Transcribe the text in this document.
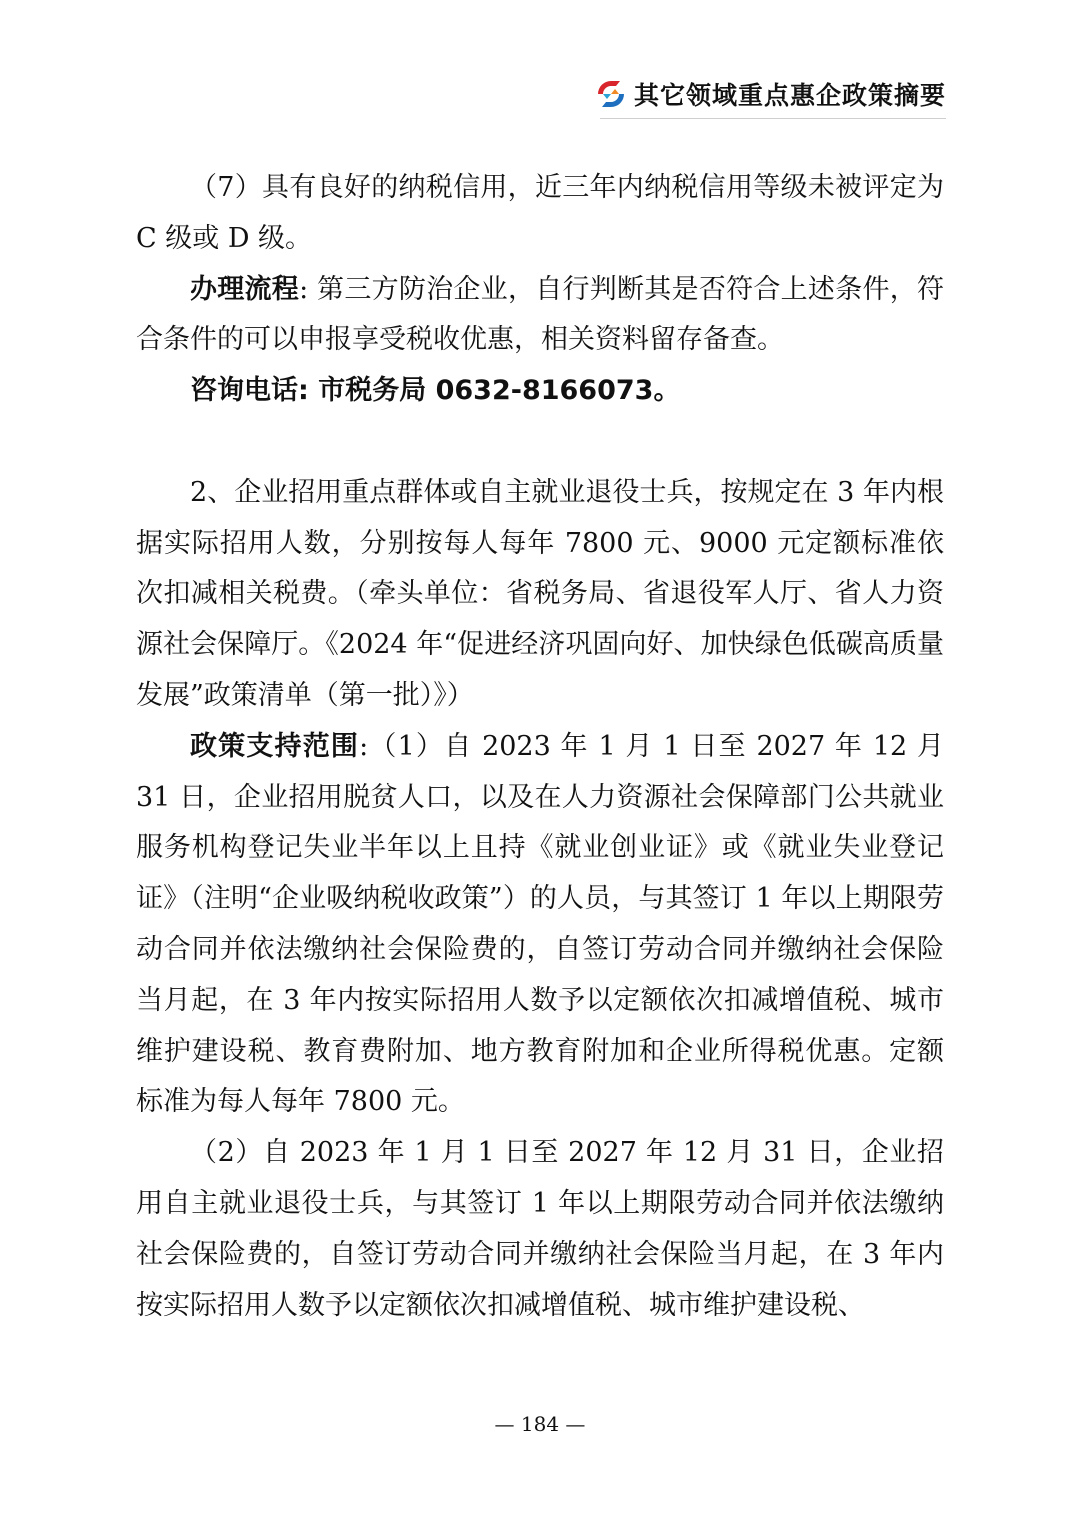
其它领域重点惠企政策摘要

（7）具有良好的纳税信用，近三年内纳税信用等级未被评定为 C 级或 D 级。

办理流程: 第三方防治企业，自行判断其是否符合上述条件，符合条件的可以申报享受税收优惠，相关资料留存备查。

咨询电话: 市税务局 0632-8166073。

2、企业招用重点群体或自主就业退役士兵，按规定在 3 年内根据实际招用人数，分别按每人每年 7800 元、9000 元定额标准依次扣减相关税费。（牵头单位：省税务局、省退役军人厅、省人力资源社会保障厅。《2024 年“促进经济巩固向好、加快绿色低碳高质量发展”政策清单（第一批）》）

政策支持范围:（1）自 2023 年 1 月 1 日至 2027 年 12 月 31 日，企业招用脱贫人口，以及在人力资源社会保障部门公共就业服务机构登记失业半年以上且持《就业创业证》或《就业失业登记证》（注明“企业吸纳税收政策”）的人员，与其签订 1 年以上期限劳动合同并依法缴纳社会保险费的，自签订劳动合同并缴纳社会保险当月起，在 3 年内按实际招用人数予以定额依次扣减增值税、城市维护建设税、教育费附加、地方教育附加和企业所得税优惠。定额标准为每人每年 7800 元。

（2）自 2023 年 1 月 1 日至 2027 年 12 月 31 日，企业招用自主就业退役士兵，与其签订 1 年以上期限劳动合同并依法缴纳社会保险费的，自签订劳动合同并缴纳社会保险当月起，在 3 年内按实际招用人数予以定额依次扣减增值税、城市维护建设税、

— 184 —
